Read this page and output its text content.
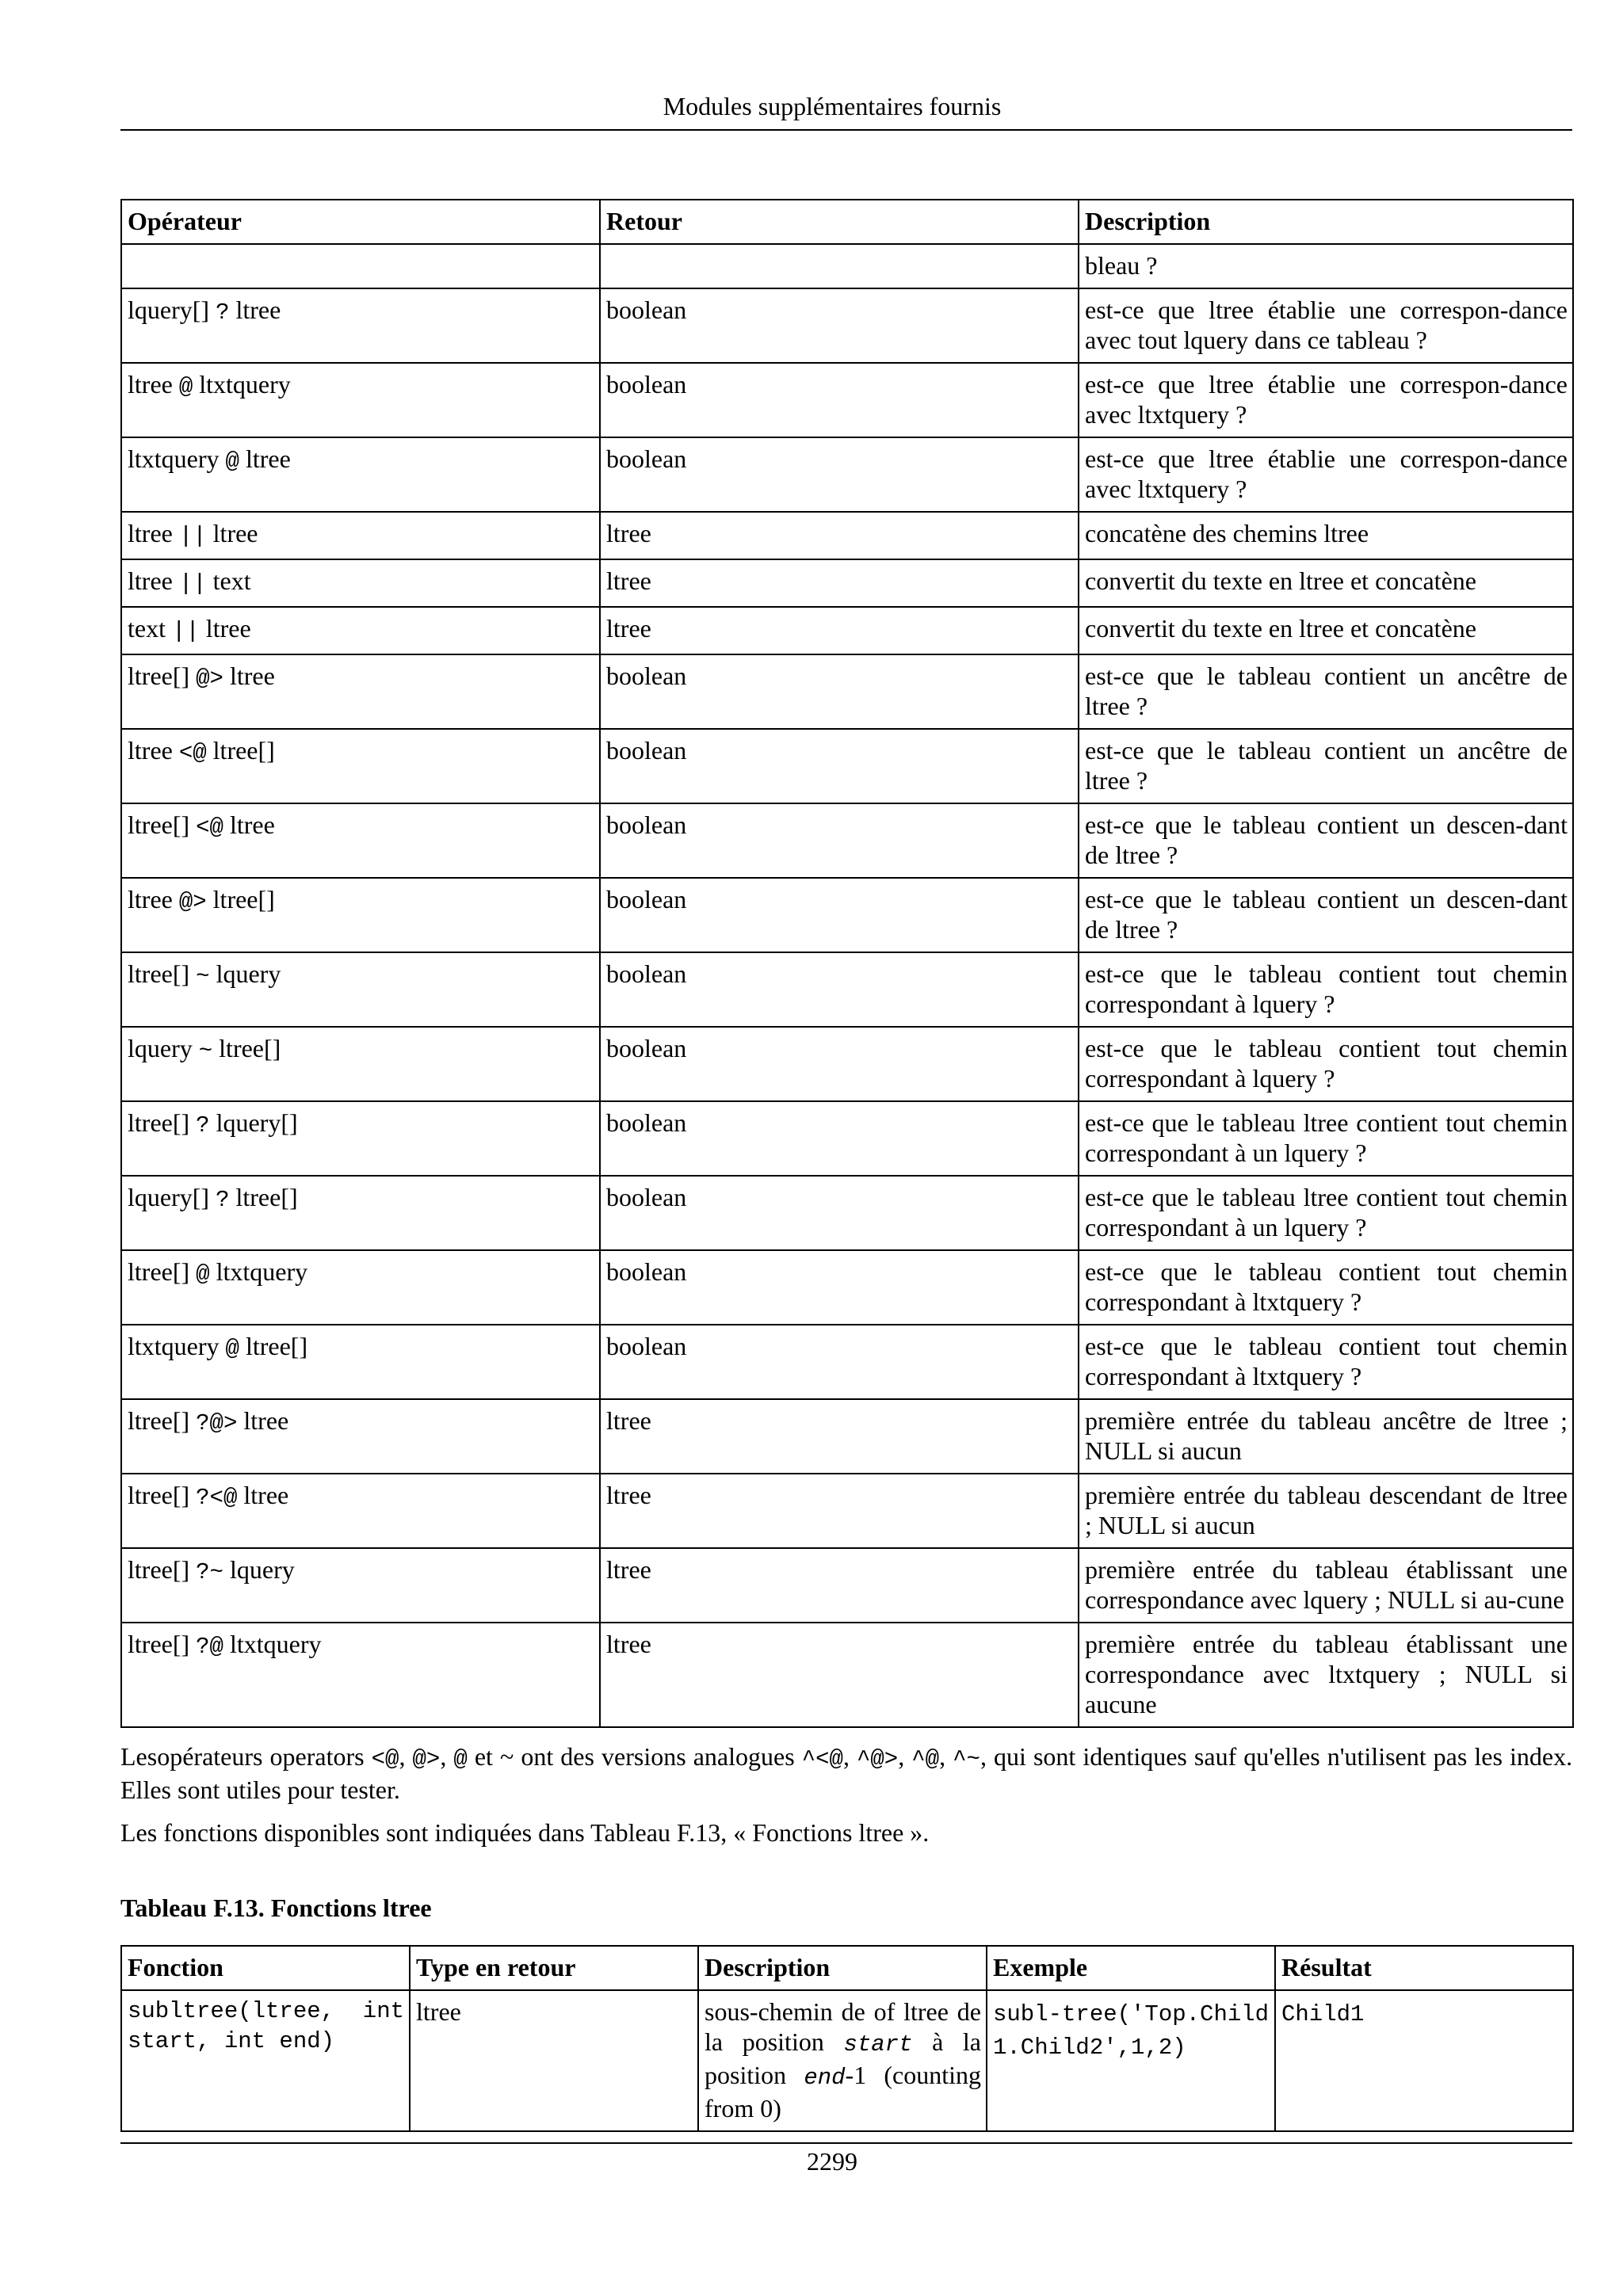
Modules supplémentaires fournis
Opérateur	Retour	Description
		bleau ?
lquery[] ? ltree	boolean	est-ce que ltree établie une correspon-dance avec tout lquery dans ce tableau ?
ltree @ ltxtquery	boolean	est-ce que ltree établie une correspon-dance avec ltxtquery ?
ltxtquery @ ltree	boolean	est-ce que ltree établie une correspon-dance avec ltxtquery ?
ltree || ltree	ltree	concatène des chemins ltree
ltree || text	ltree	convertit du texte en ltree et concatène
text || ltree	ltree	convertit du texte en ltree et concatène
ltree[] @> ltree	boolean	est-ce que le tableau contient un ancêtre de ltree ?
ltree <@ ltree[]	boolean	est-ce que le tableau contient un ancêtre de ltree ?
ltree[] <@ ltree	boolean	est-ce que le tableau contient un descen-dant de ltree ?
ltree @> ltree[]	boolean	est-ce que le tableau contient un descen-dant de ltree ?
ltree[] ~ lquery	boolean	est-ce que le tableau contient tout chemin correspondant à lquery ?
lquery ~ ltree[]	boolean	est-ce que le tableau contient tout chemin correspondant à lquery ?
ltree[] ? lquery[]	boolean	est-ce que le tableau ltree contient tout chemin correspondant à un lquery ?
lquery[] ? ltree[]	boolean	est-ce que le tableau ltree contient tout chemin correspondant à un lquery ?
ltree[] @ ltxtquery	boolean	est-ce que le tableau contient tout chemin correspondant à ltxtquery ?
ltxtquery @ ltree[]	boolean	est-ce que le tableau contient tout chemin correspondant à ltxtquery ?
ltree[] ?@> ltree	ltree	première entrée du tableau ancêtre de ltree ; NULL si aucun
ltree[] ?<@ ltree	ltree	première entrée du tableau descendant de ltree ; NULL si aucun
ltree[] ?~ lquery	ltree	première entrée du tableau établissant une correspondance avec lquery ; NULL si au-cune
ltree[] ?@ ltxtquery	ltree	première entrée du tableau établissant une correspondance avec ltxtquery ; NULL si aucune
Lesopérateurs operators <@, @>, @ et ~ ont des versions analogues ^<@, ^@>, ^@, ^~, qui sont identiques sauf qu'elles n'utilisent pas les index. Elles sont utiles pour tester.
Les fonctions disponibles sont indiquées dans Tableau F.13, « Fonctions ltree ».
Tableau F.13. Fonctions ltree
Fonction	Type en retour	Description	Exemple	Résultat

subltree(ltree, int start, int end)	ltree	sous-chemin de of ltree de la position start à la position end-1 (counting from 0)	subl-tree('Top.Child1.Child2',1,2)	Child1
2299
